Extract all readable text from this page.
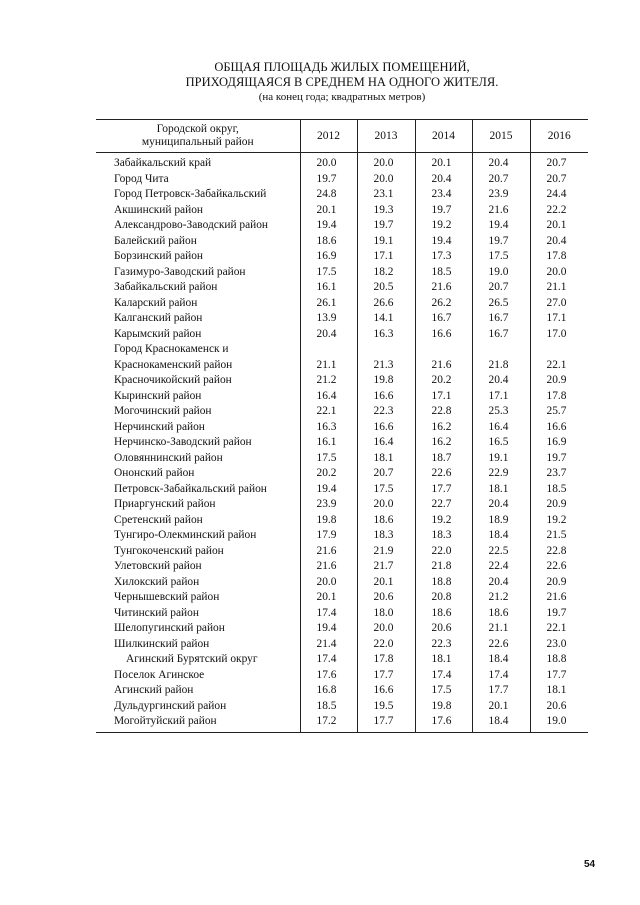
ОБЩАЯ ПЛОЩАДЬ ЖИЛЫХ ПОМЕЩЕНИЙ,
ПРИХОДЯЩАЯСЯ В СРЕДНЕМ НА ОДНОГО ЖИТЕЛЯ.
(на конец года; квадратных метров)
Городской округ,
муниципальный район	2012	2013	2014	2015	2016
Забайкальский край	20.0	20.0	20.1	20.4	20.7
Город Чита	19.7	20.0	20.4	20.7	20.7
Город Петровск-Забайкальский	24.8	23.1	23.4	23.9	24.4
Акшинский район	20.1	19.3	19.7	21.6	22.2
Александрово-Заводский район	19.4	19.7	19.2	19.4	20.1
Балейский район	18.6	19.1	19.4	19.7	20.4
Борзинский район	16.9	17.1	17.3	17.5	17.8
Газимуро-Заводский район	17.5	18.2	18.5	19.0	20.0
Забайкальский район	16.1	20.5	21.6	20.7	21.1
Каларский район	26.1	26.6	26.2	26.5	27.0
Калганский район	13.9	14.1	16.7	16.7	17.1
Карымский район	20.4	16.3	16.6	16.7	17.0
Город Краснокаменск и					
Краснокаменский район	21.1	21.3	21.6	21.8	22.1
Красночикойский район	21.2	19.8	20.2	20.4	20.9
Кыринский район	16.4	16.6	17.1	17.1	17.8
Могочинский район	22.1	22.3	22.8	25.3	25.7
Нерчинский район	16.3	16.6	16.2	16.4	16.6
Нерчинско-Заводский район	16.1	16.4	16.2	16.5	16.9
Оловяннинский район	17.5	18.1	18.7	19.1	19.7
Ононский район	20.2	20.7	22.6	22.9	23.7
Петровск-Забайкальский район	19.4	17.5	17.7	18.1	18.5
Приаргунский район	23.9	20.0	22.7	20.4	20.9
Сретенский район	19.8	18.6	19.2	18.9	19.2
Тунгиро-Олекминский район	17.9	18.3	18.3	18.4	21.5
Тунгокоченский район	21.6	21.9	22.0	22.5	22.8
Улетовский район	21.6	21.7	21.8	22.4	22.6
Хилокский район	20.0	20.1	18.8	20.4	20.9
Чернышевский район	20.1	20.6	20.8	21.2	21.6
Читинский район	17.4	18.0	18.6	18.6	19.7
Шелопугинский район	19.4	20.0	20.6	21.1	22.1
Шилкинский район	21.4	22.0	22.3	22.6	23.0
Агинский Бурятский округ	17.4	17.8	18.1	18.4	18.8
Поселок Агинское	17.6	17.7	17.4	17.4	17.7
Агинский район	16.8	16.6	17.5	17.7	18.1
Дульдургинский район	18.5	19.5	19.8	20.1	20.6
Могойтуйский район	17.2	17.7	17.6	18.4	19.0
54
